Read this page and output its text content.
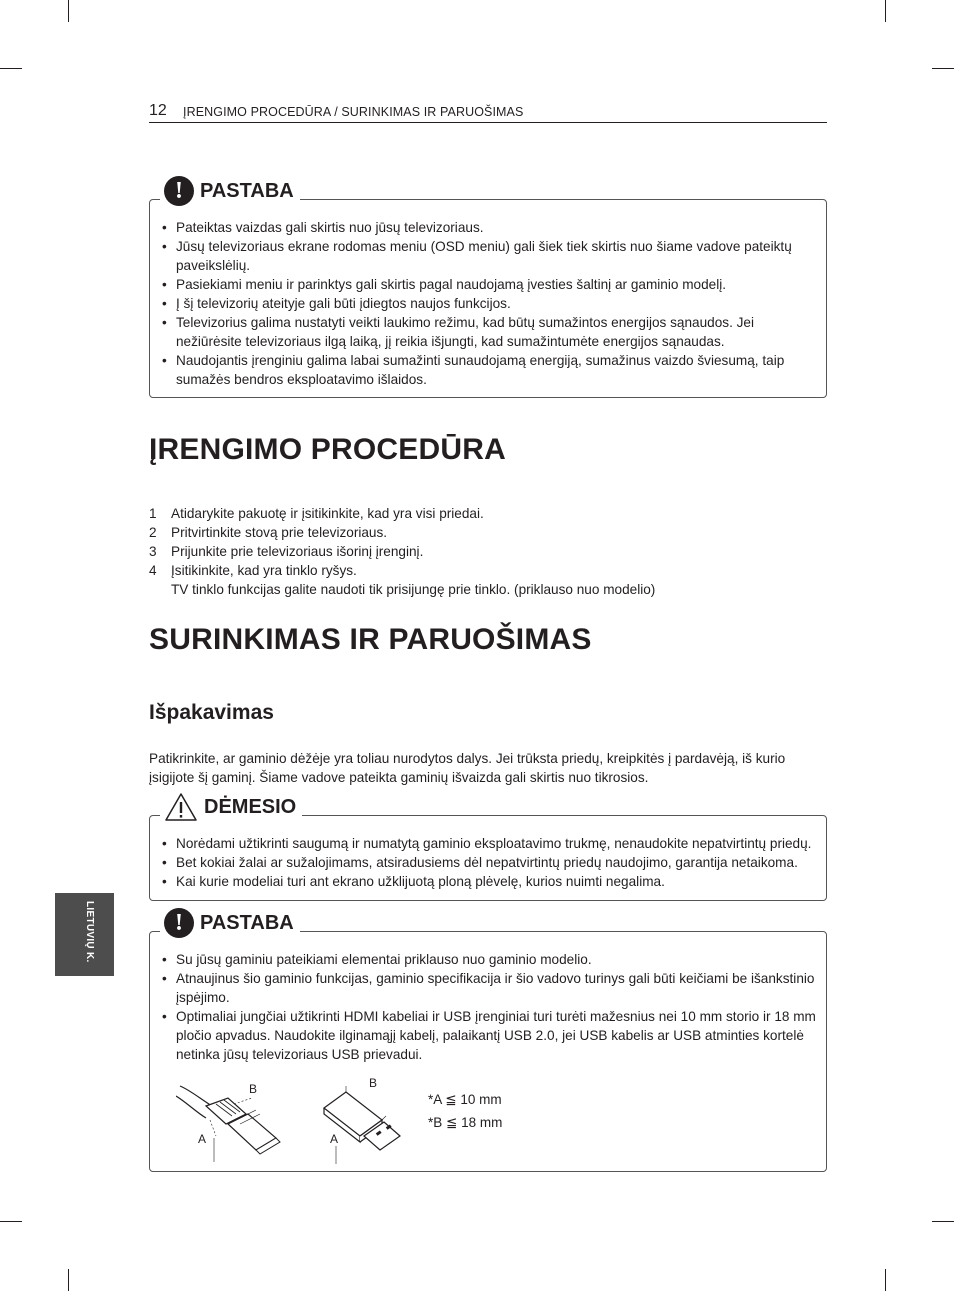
12 ĮRENGIMO PROCEDŪRA / SURINKIMAS IR PARUOŠIMAS
! PASTABA
• Pateiktas vaizdas gali skirtis nuo jūsų televizoriaus.
• Jūsų televizoriaus ekrane rodomas meniu (OSD meniu) gali šiek tiek skirtis nuo šiame vadove pateiktų paveikslėlių.
• Pasiekiami meniu ir parinktys gali skirtis pagal naudojamą įvesties šaltinį ar gaminio modelį.
• Į šį televizorių ateityje gali būti įdiegtos naujos funkcijos.
• Televizorius galima nustatyti veikti laukimo režimu, kad būtų sumažintos energijos sąnaudos. Jei nežiūrėsite televizoriaus ilgą laiką, jį reikia išjungti, kad sumažintumėte energijos sąnaudas.
• Naudojantis įrenginiu galima labai sumažinti sunaudojamą energiją, sumažinus vaizdo šviesumą, taip sumažės bendros eksploatavimo išlaidos.
ĮRENGIMO PROCEDŪRA
1 Atidarykite pakuotę ir įsitikinkite, kad yra visi priedai.
2 Pritvirtinkite stovą prie televizoriaus.
3 Prijunkite prie televizoriaus išorinį įrenginį.
4 Įsitikinkite, kad yra tinklo ryšys.
TV tinklo funkcijas galite naudoti tik prisijungę prie tinklo. (priklauso nuo modelio)
SURINKIMAS IR PARUOŠIMAS
Išpakavimas

Patikrinkite, ar gaminio dėžėje yra toliau nurodytos dalys. Jei trūksta priedų, kreipkitės į pardavėją, iš kurio įsigijote šį gaminį. Šiame vadove pateikta gaminių išvaizda gali skirtis nuo tikrosios.

DĖMESIO
• Norėdami užtikrinti saugumą ir numatytą gaminio eksploatavimo trukmę, nenaudokite nepatvirtintų priedų.
• Bet kokiai žalai ar sužalojimams, atsiradusiems dėl nepatvirtintų priedų naudojimo, garantija netaikoma.
• Kai kurie modeliai turi ant ekrano užklijuotą ploną plėvelę, kurios nuimti negalima.
! PASTABA
• Su jūsų gaminiu pateikiami elementai priklauso nuo gaminio modelio.
• Atnaujinus šio gaminio funkcijas, gaminio specifikacija ir šio vadovo turinys gali būti keičiami be išankstinio įspėjimo.
• Optimaliai jungčiai užtikrinti HDMI kabeliai ir USB įrenginiai turi turėti mažesnius nei 10 mm storio ir 18 mm pločio apvadus. Naudokite ilginamąjį kabelį, palaikantį USB 2.0, jei USB kabelis ar USB atminties kortelė netinka jūsų televizoriaus USB prievadui.
B
A
B
A
*A ≦ 10 mm
*B ≦ 18 mm
LIETUVIŲ K.
